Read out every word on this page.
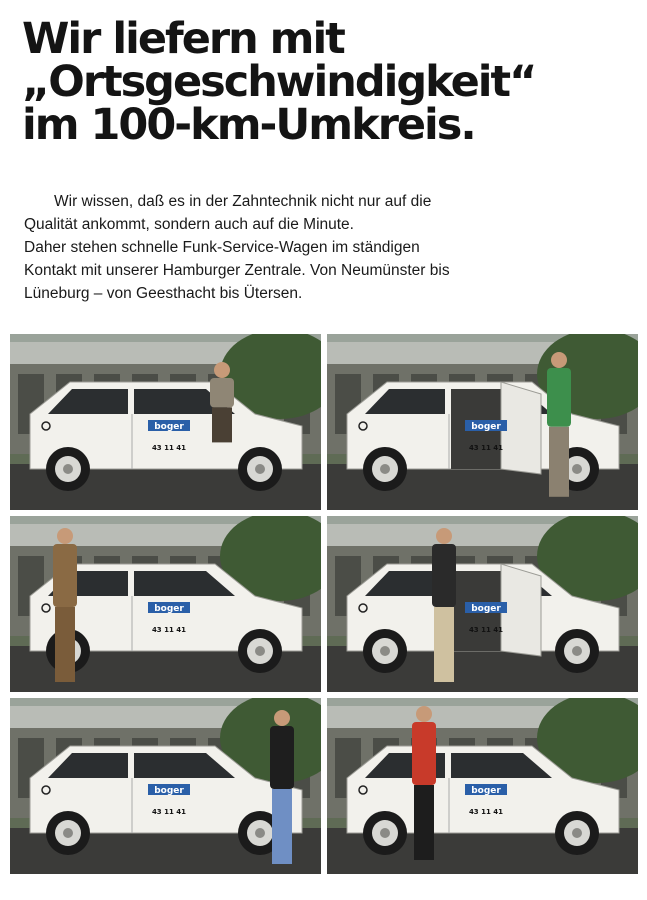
Wir liefern mit
„Ortsgeschwindigkeit“
im 100-km-Umkreis.
Wir wissen, daß es in der Zahntechnik nicht nur auf die
Qualität ankommt, sondern auch auf die Minute.
Daher stehen schnelle Funk-Service-Wagen im ständigen
Kontakt mit unserer Hamburger Zentrale. Von Neumünster bis
Lüneburg – von Geesthacht bis Ütersen.
boger
43 11 41
boger
43 11 41
boger
43 11 41
boger
43 11 41
boger
43 11 41
boger
43 11 41
